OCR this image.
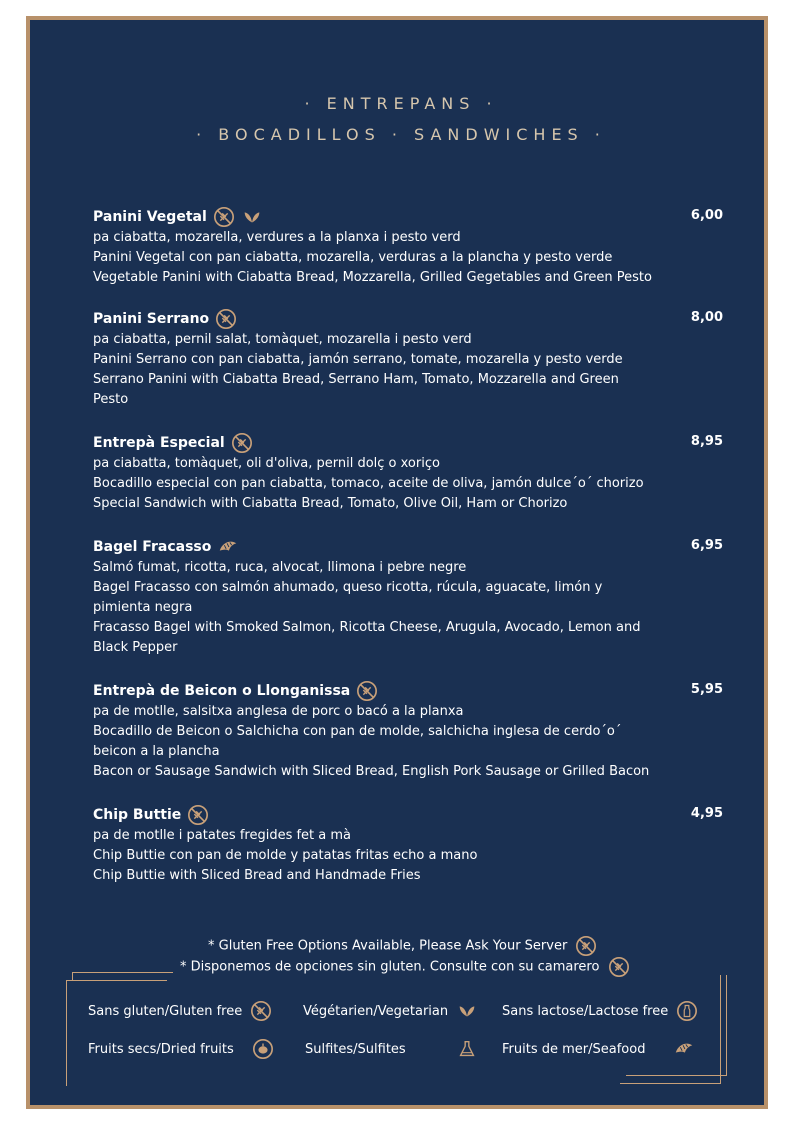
· ENTREPANS ·
· BOCADILLOS · SANDWICHES ·
Panini Vegetal	6,00
pa ciabatta, mozarella, verdures a la planxa i pesto verd
Panini Vegetal con pan ciabatta, mozarella, verduras a la plancha y pesto verde
Vegetable Panini with Ciabatta Bread, Mozzarella, Grilled Gegetables and Green Pesto
Panini Serrano	8,00
pa ciabatta, pernil salat, tomàquet, mozarella i pesto verd
Panini Serrano con pan ciabatta, jamón serrano, tomate, mozarella y pesto verde
Serrano Panini with Ciabatta Bread, Serrano Ham, Tomato, Mozzarella and Green
Pesto
Entrepà Especial	8,95
pa ciabatta, tomàquet, oli d'oliva, pernil dolç o xoriço
Bocadillo especial con pan ciabatta, tomaco, aceite de oliva, jamón dulce´o´ chorizo
Special Sandwich with Ciabatta Bread, Tomato, Olive Oil, Ham or Chorizo
Bagel Fracasso	6,95
Salmó fumat, ricotta, ruca, alvocat, llimona i pebre negre
Bagel Fracasso con salmón ahumado, queso ricotta, rúcula, aguacate, limón y
pimienta negra
Fracasso Bagel with Smoked Salmon, Ricotta Cheese, Arugula, Avocado, Lemon and
Black Pepper
Entrepà de Beicon o Llonganissa	5,95
pa de motlle, salsitxa anglesa de porc o bacó a la planxa
Bocadillo de Beicon o Salchicha con pan de molde, salchicha inglesa de cerdo´o´
beicon a la plancha
Bacon or Sausage Sandwich with Sliced Bread, English Pork Sausage or Grilled Bacon
Chip Buttie	4,95
pa de motlle i patates fregides fet a mà
Chip Buttie con pan de molde y patatas fritas echo a mano
Chip Buttie with Sliced Bread and Handmade Fries
* Gluten Free Options Available, Please Ask Your Server
* Disponemos de opciones sin gluten. Consulte con su camarero
Sans gluten/Gluten free	Végétarien/Vegetarian	Sans lactose/Lactose free
Fruits secs/Dried fruits	Sulfites/Sulfites	Fruits de mer/Seafood
